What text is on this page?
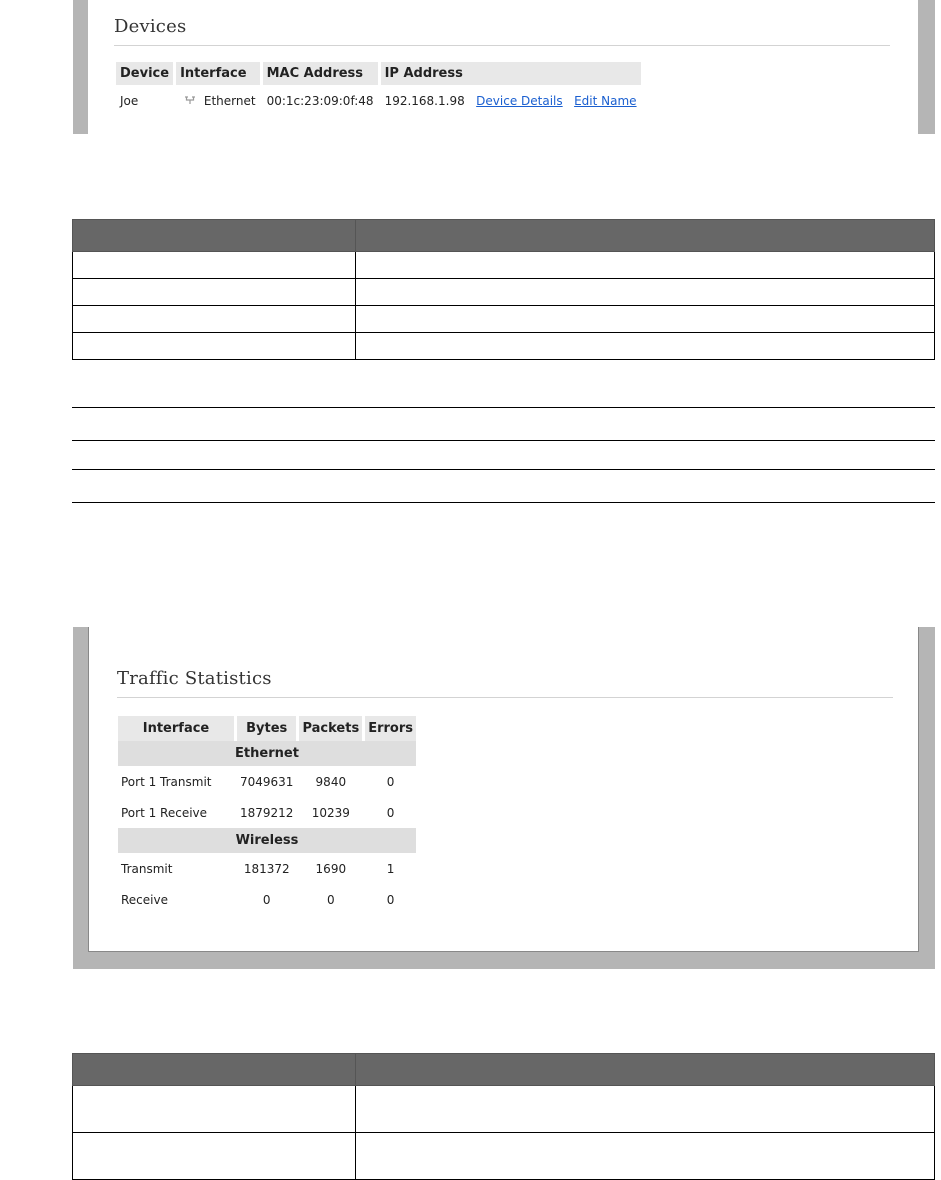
Devices
Device	Interface	MAC Address	IP Address
Joe	Ethernet	00:1c:23:09:0f:48	192.168.1.98 Device Details Edit Name

Traffic Statistics
Interface	Bytes	Packets	Errors
Ethernet			
Port 1 Transmit	7049631	9840	0
Port 1 Receive	1879212	10239	0
Wireless			
Transmit	181372	1690	1
Receive	0	0	0
